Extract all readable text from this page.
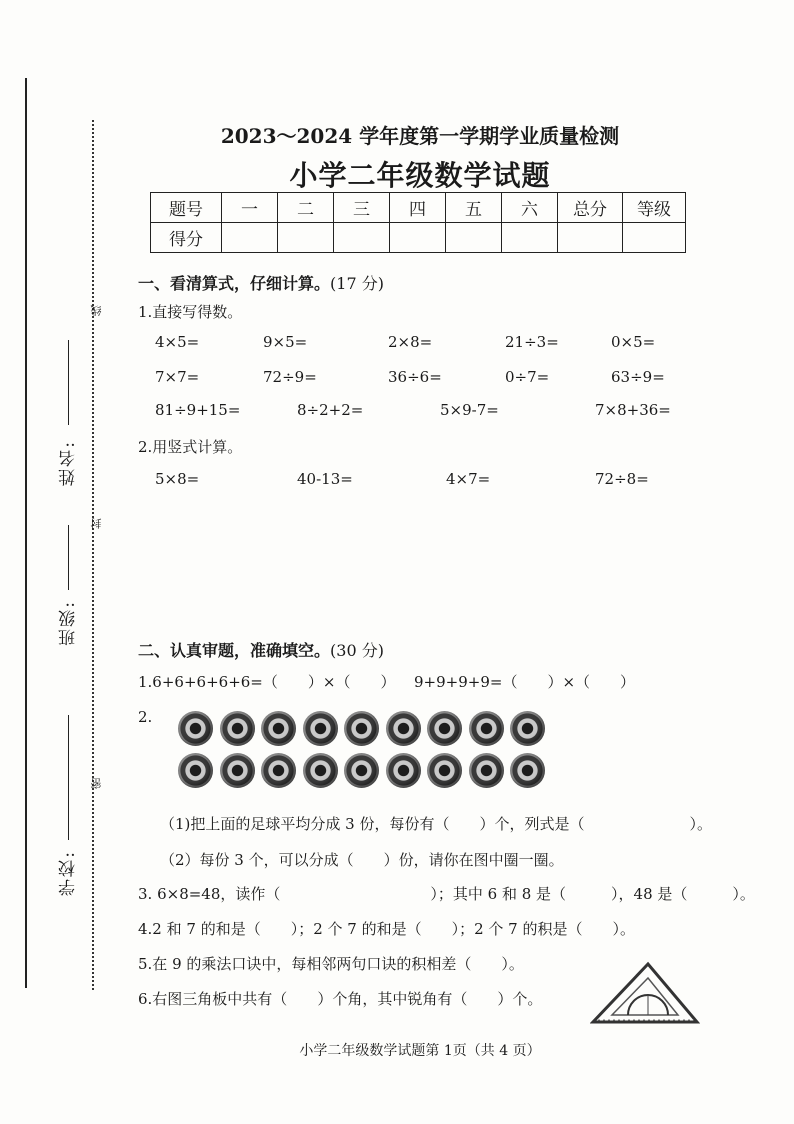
姓名:
班级:
学校:
线
封
密
2023～2024 学年度第一学期学业质量检测
小学二年级数学试题
题号	一	二	三	四	五	六	总分	等级
得分								
一、看清算式，仔细计算。(17 分)
1.直接写得数。
4×5=	9×5=	2×8=	21÷3=	0×5=
7×7=	72÷9=	36÷6=	0÷7=	63÷9=
81÷9+15=	8÷2+2=	5×9-7=	7×8+36=
2.用竖式计算。
5×8=	40-13=	4×7=	72÷8=
二、认真审题，准确填空。(30 分)
1.6+6+6+6+6=（　　）×（　　） 9+9+9+9=（　　）×（　　）
2.
（1)把上面的足球平均分成 3 份，每份有（　　）个，列式是（　　　　　　　）。
（2）每份 3 个，可以分成（　　）份，请你在图中圈一圈。
3. 6×8=48，读作（　　　　　　　　　　）；其中 6 和 8 是（　　　），48 是（　　　）。
4.2 和 7 的和是（　　）；2 个 7 的和是（　　）；2 个 7 的积是（　　）。
5.在 9 的乘法口诀中，每相邻两句口诀的积相差（　　）。
6.右图三角板中共有（　　）个角，其中锐角有（　　）个。
小学二年级数学试题第 1页（共 4 页）
